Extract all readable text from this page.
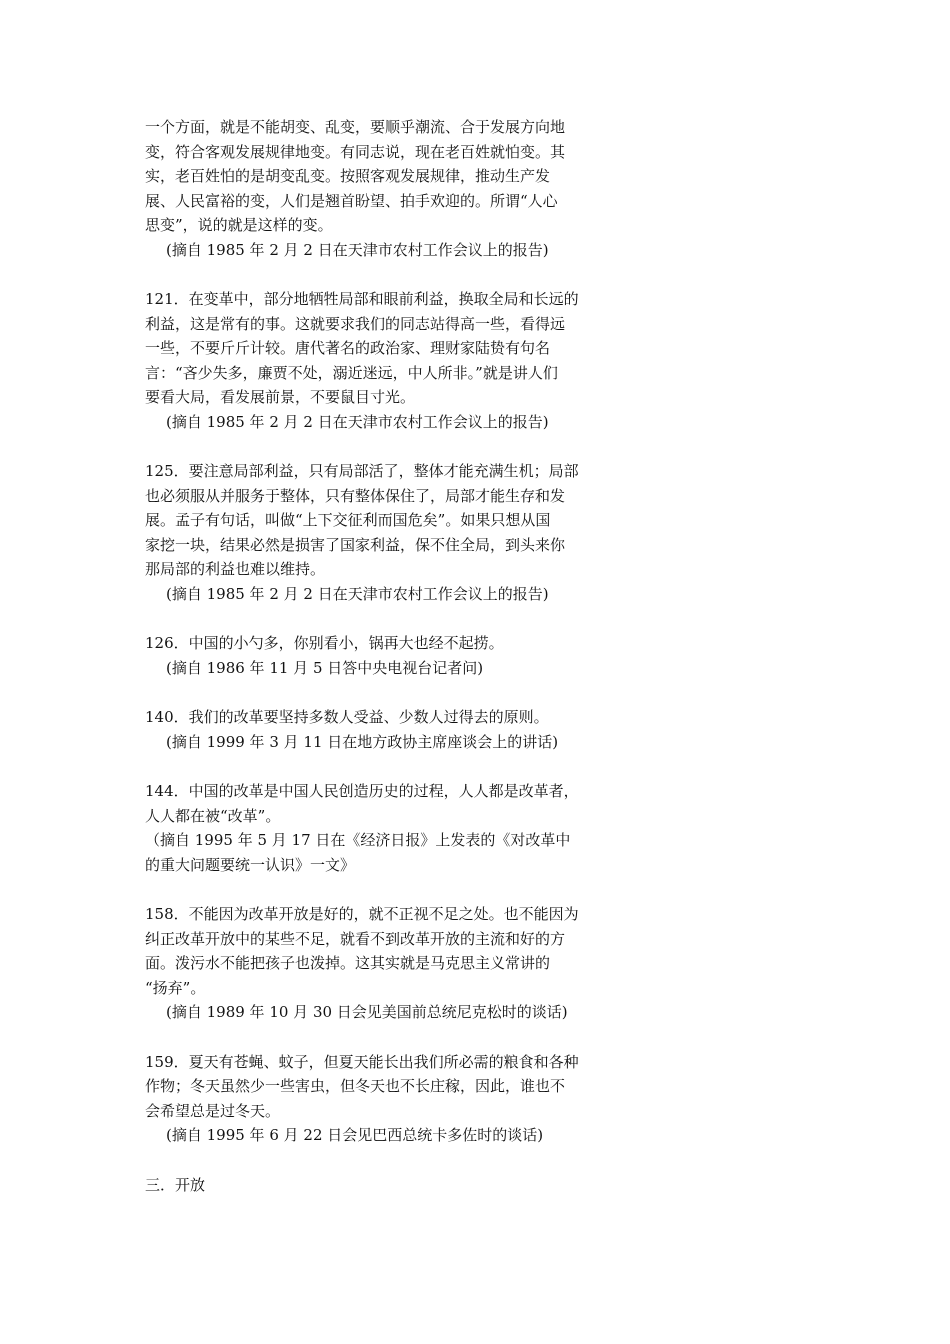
一个方面，就是不能胡变、乱变，要顺乎潮流、合于发展方向地
变，符合客观发展规律地变。有同志说，现在老百姓就怕变。其
实，老百姓怕的是胡变乱变。按照客观发展规律，推动生产发
展、人民富裕的变，人们是翘首盼望、拍手欢迎的。所谓“人心
思变”，说的就是这样的变。
(摘自 1985 年 2 月 2 日在天津市农村工作会议上的报告)
121．在变革中，部分地牺牲局部和眼前利益，换取全局和长远的
利益，这是常有的事。这就要求我们的同志站得高一些，看得远
一些，不要斤斤计较。唐代著名的政治家、理财家陆贽有句名
言：“吝少失多，廉贾不处，溺近迷远，中人所非。”就是讲人们
要看大局，看发展前景，不要鼠目寸光。
(摘自 1985 年 2 月 2 日在天津市农村工作会议上的报告)
125．要注意局部利益，只有局部活了，整体才能充满生机；局部
也必须服从并服务于整体，只有整体保住了，局部才能生存和发
展。孟子有句话，叫做“上下交征利而国危矣”。如果只想从国
家挖一块，结果必然是损害了国家利益，保不住全局，到头来你
那局部的利益也难以维持。
(摘自 1985 年 2 月 2 日在天津市农村工作会议上的报告)
126．中国的小勺多，你别看小，锅再大也经不起捞。
(摘自 1986 年 11 月 5 日答中央电视台记者问)
140．我们的改革要坚持多数人受益、少数人过得去的原则。
(摘自 1999 年 3 月 11 日在地方政协主席座谈会上的讲话)
144．中国的改革是中国人民创造历史的过程，人人都是改革者，
人人都在被“改革”。
（摘自 1995 年 5 月 17 日在《经济日报》上发表的《对改革中
的重大问题要统一认识》一文》
158．不能因为改革开放是好的，就不正视不足之处。也不能因为
纠正改革开放中的某些不足，就看不到改革开放的主流和好的方
面。泼污水不能把孩子也泼掉。这其实就是马克思主义常讲的
“扬弃”。
(摘自 1989 年 10 月 30 日会见美国前总统尼克松时的谈话)
159．夏天有苍蝇、蚊子，但夏天能长出我们所必需的粮食和各种
作物；冬天虽然少一些害虫，但冬天也不长庄稼，因此，谁也不
会希望总是过冬天。
(摘自 1995 年 6 月 22 日会见巴西总统卡多佐时的谈话)
三．开放
